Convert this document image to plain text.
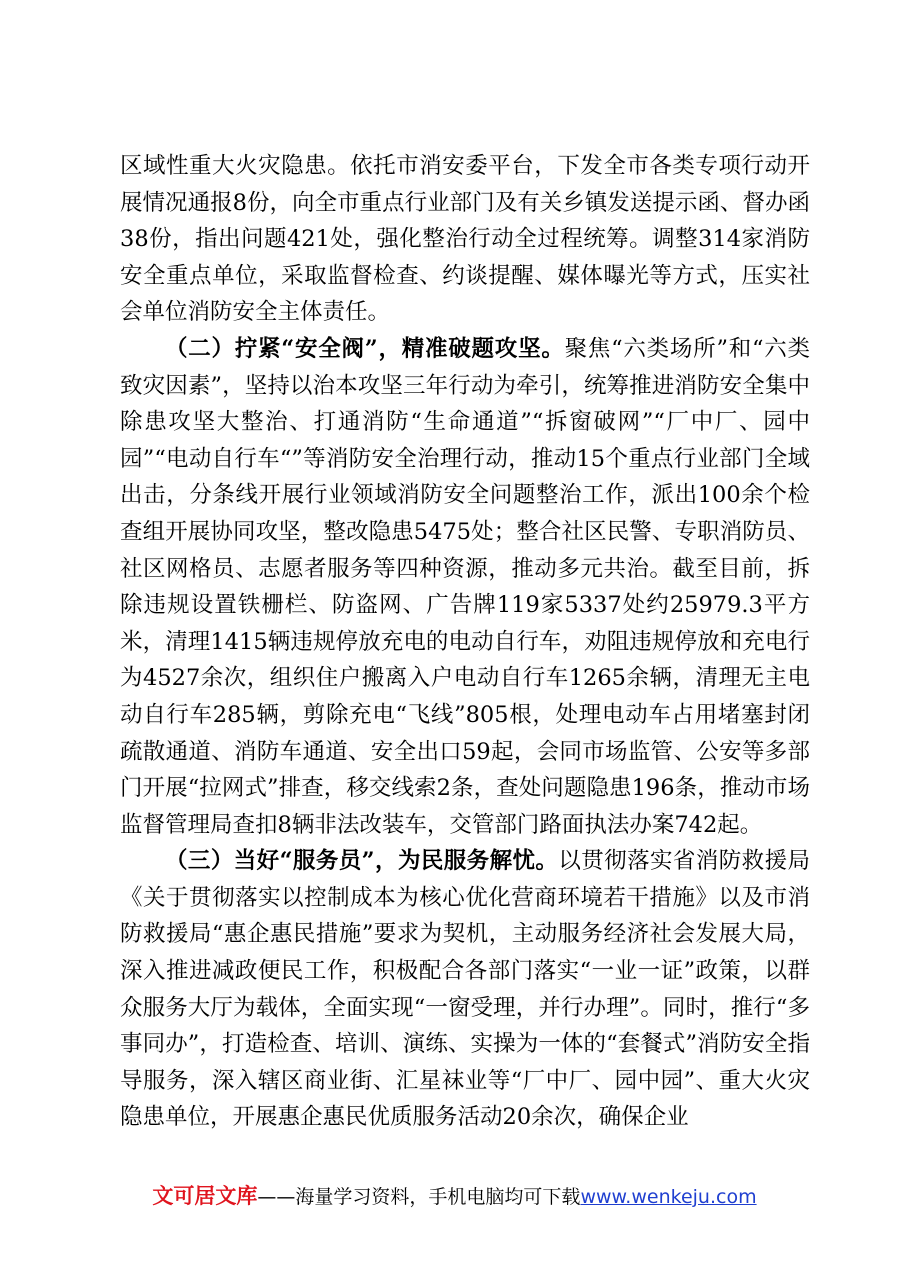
区域性重大火灾隐患。依托市消安委平台，下发全市各类专项行动开展情况通报8份，向全市重点行业部门及有关乡镇发送提示函、督办函38份，指出问题421处，强化整治行动全过程统筹。调整314家消防安全重点单位，采取监督检查、约谈提醒、媒体曝光等方式，压实社会单位消防安全主体责任。

（二）拧紧“安全阀”，精准破题攻坚。聚焦“六类场所”和“六类致灾因素”，坚持以治本攻坚三年行动为牵引，统筹推进消防安全集中除患攻坚大整治、打通消防“生命通道”“拆窗破网”“厂中厂、园中园”“电动自行车“”等消防安全治理行动，推动15个重点行业部门全域出击，分条线开展行业领域消防安全问题整治工作，派出100余个检查组开展协同攻坚，整改隐患5475处；整合社区民警、专职消防员、社区网格员、志愿者服务等四种资源，推动多元共治。截至目前，拆除违规设置铁栅栏、防盗网、广告牌119家5337处约25979.3平方米，清理1415辆违规停放充电的电动自行车，劝阻违规停放和充电行为4527余次，组织住户搬离入户电动自行车1265余辆，清理无主电动自行车285辆，剪除充电“飞线”805根，处理电动车占用堵塞封闭疏散通道、消防车通道、安全出口59起，会同市场监管、公安等多部门开展“拉网式”排查，移交线索2条，查处问题隐患196条，推动市场监督管理局查扣8辆非法改装车，交管部门路面执法办案742起。

（三）当好“服务员”，为民服务解忧。以贯彻落实省消防救援局《关于贯彻落实以控制成本为核心优化营商环境若干措施》以及市消防救援局“惠企惠民措施”要求为契机，主动服务经济社会发展大局，深入推进减政便民工作，积极配合各部门落实“一业一证”政策，以群众服务大厅为载体，全面实现“一窗受理，并行办理”。同时，推行“多事同办”，打造检查、培训、演练、实操为一体的“套餐式”消防安全指导服务，深入辖区商业街、汇星袜业等“厂中厂、园中园”、重大火灾隐患单位，开展惠企惠民优质服务活动20余次，确保企业

文可居文库——海量学习资料，手机电脑均可下载www.wenkeju.com
